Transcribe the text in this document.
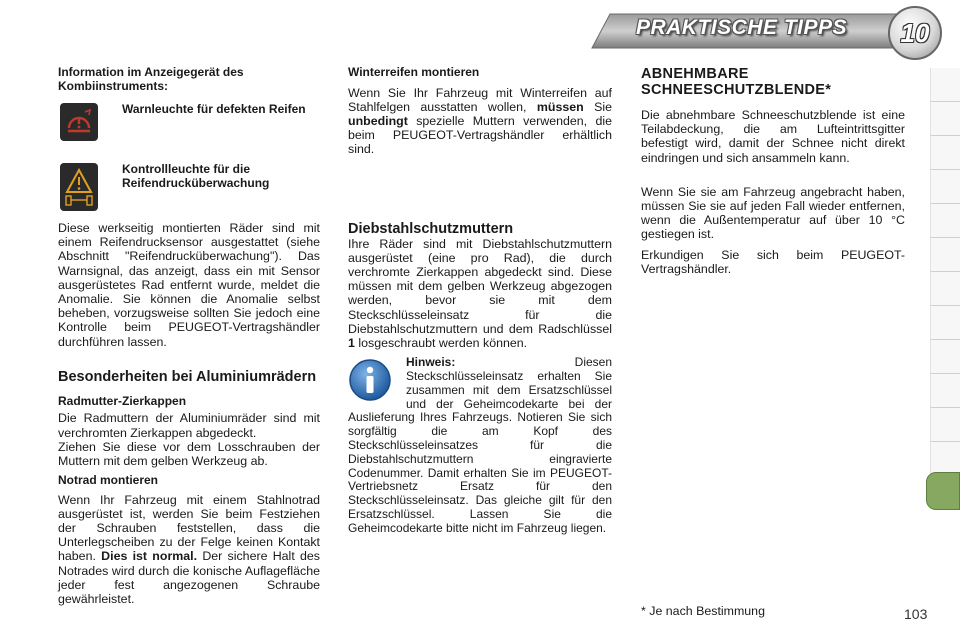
PRAKTISCHE TIPPS 10
Information im Anzeigegerät des Kombiinstruments:
Warnleuchte für defekten Reifen
Kontrollleuchte für die Reifendrucküberwachung

Diese werkseitig montierten Räder sind mit einem Reifendrucksensor ausgestattet (siehe Abschnitt "Reifendrucküberwachung"). Das Warnsignal, das anzeigt, dass ein mit Sensor ausgerüstetes Rad entfernt wurde, meldet die Anomalie. Sie können die Anomalie selbst beheben, vorzugsweise sollten Sie jedoch eine Kontrolle beim PEUGEOT-Vertragshändler durchführen lassen.

Besonderheiten bei Aluminiumrädern
Radmutter-Zierkappen

Die Radmuttern der Aluminiumräder sind mit verchromten Zierkappen abgedeckt.

Ziehen Sie diese vor dem Losschrauben der Muttern mit dem gelben Werkzeug ab.

Notrad montieren

Wenn Ihr Fahrzeug mit einem Stahlnotrad ausgerüstet ist, werden Sie beim Festziehen der Schrauben feststellen, dass die Unterlegscheiben zu der Felge keinen Kontakt haben. Dies ist normal. Der sichere Halt des Notrades wird durch die konische Auflagefläche jeder fest angezogenen Schraube gewährleistet.

Winterreifen montieren

Wenn Sie Ihr Fahrzeug mit Winterreifen auf Stahlfelgen ausstatten wollen, müssen Sie unbedingt spezielle Muttern verwenden, die beim PEUGEOT-Vertragshändler erhältlich sind.

Diebstahlschutzmuttern

Ihre Räder sind mit Diebstahlschutzmuttern ausgerüstet (eine pro Rad), die durch verchromte Zierkappen abgedeckt sind. Diese müssen mit dem gelben Werkzeug abgezogen werden, bevor sie mit dem Steckschlüsseleinsatz für die Diebstahlschutzmuttern und dem Radschlüssel 1 losgeschraubt werden können.

Hinweis: Diesen Steckschlüsseleinsatz erhalten Sie zusammen mit dem Ersatzschlüssel und der Geheimcodekarte bei der Auslieferung Ihres Fahrzeugs. Notieren Sie sich sorgfältig die am Kopf des Steckschlüsseleinsatzes für die Diebstahlschutzmuttern eingravierte Codenummer. Damit erhalten Sie im PEUGEOT-Vertriebsnetz Ersatz für den Steckschlüsseleinsatz. Das gleiche gilt für den Ersatzschlüssel. Lassen Sie die Geheimcodekarte bitte nicht im Fahrzeug liegen.
ABNEHMBARE SCHNEESCHUTZBLENDE*

Die abnehmbare Schneeschutzblende ist eine Teilabdeckung, die am Lufteintrittsgitter befestigt wird, damit der Schnee nicht direkt eindringen und sich ansammeln kann.

Wenn Sie sie am Fahrzeug angebracht haben, müssen Sie sie auf jeden Fall wieder entfernen, wenn die Außentemperatur auf über 10 °C gestiegen ist.

Erkundigen Sie sich beim PEUGEOT-Vertragshändler.

* Je nach Bestimmung	103
